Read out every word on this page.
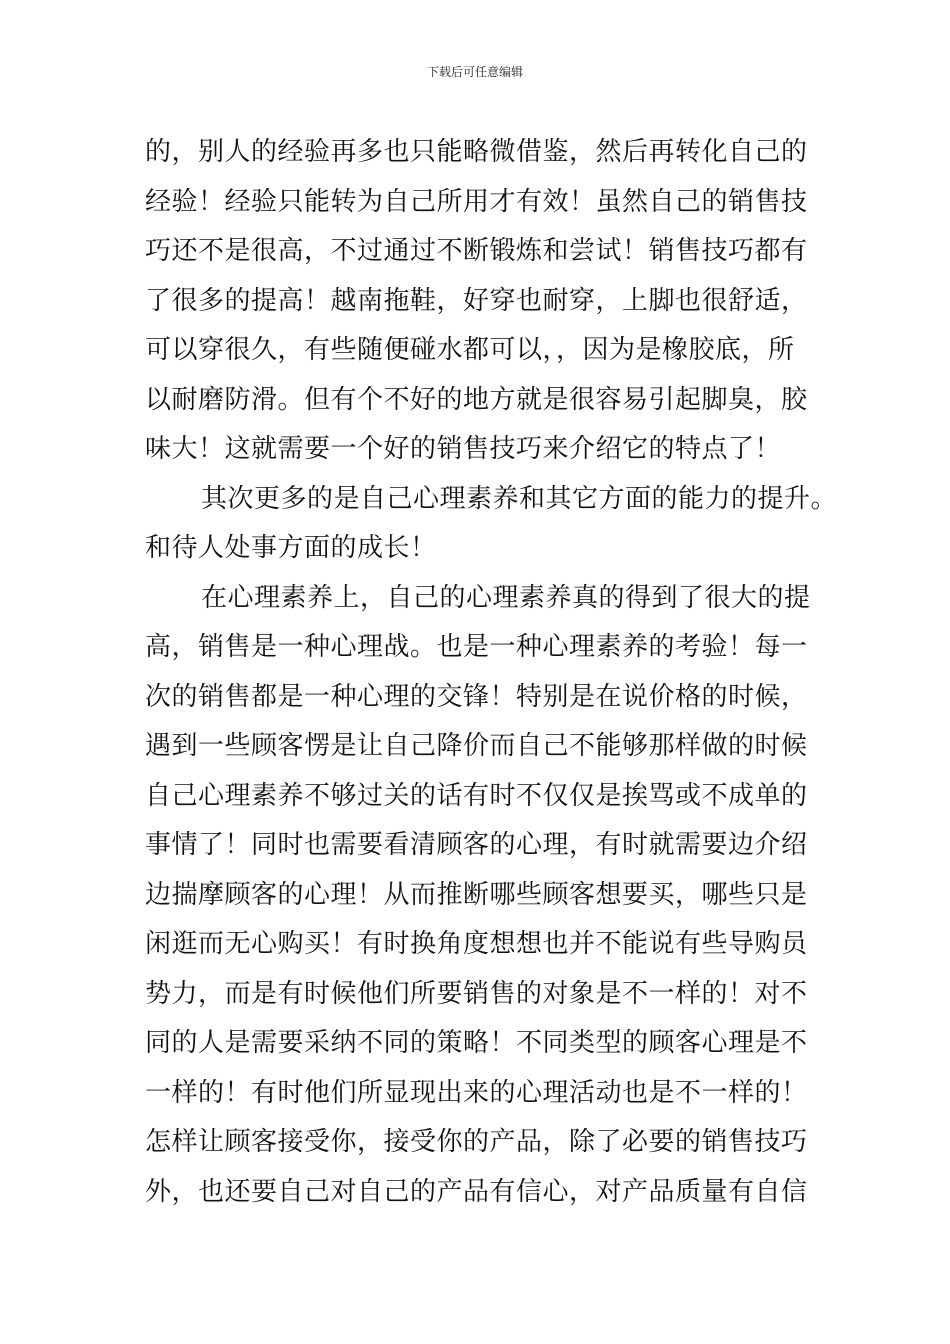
下载后可任意编辑
的，别人的经验再多也只能略微借鉴，然后再转化自己的
经验！经验只能转为自己所用才有效！虽然自己的销售技
巧还不是很高，不过通过不断锻炼和尝试！销售技巧都有
了很多的提高！越南拖鞋，好穿也耐穿，上脚也很舒适，
可以穿很久，有些随便碰水都可以，，因为是橡胶底，所
以耐磨防滑。但有个不好的地方就是很容易引起脚臭，胶
味大！这就需要一个好的销售技巧来介绍它的特点了！
其次更多的是自己心理素养和其它方面的能力的提升。
和待人处事方面的成长！
在心理素养上，自己的心理素养真的得到了很大的提
高，销售是一种心理战。也是一种心理素养的考验！每一
次的销售都是一种心理的交锋！特别是在说价格的时候，
遇到一些顾客愣是让自己降价而自己不能够那样做的时候
自己心理素养不够过关的话有时不仅仅是挨骂或不成单的
事情了！同时也需要看清顾客的心理，有时就需要边介绍
边揣摩顾客的心理！从而推断哪些顾客想要买，哪些只是
闲逛而无心购买！有时换角度想想也并不能说有些导购员
势力，而是有时候他们所要销售的对象是不一样的！对不
同的人是需要采纳不同的策略！不同类型的顾客心理是不
一样的！有时他们所显现出来的心理活动也是不一样的！
怎样让顾客接受你，接受你的产品，除了必要的销售技巧
外，也还要自己对自己的产品有信心，对产品质量有自信
